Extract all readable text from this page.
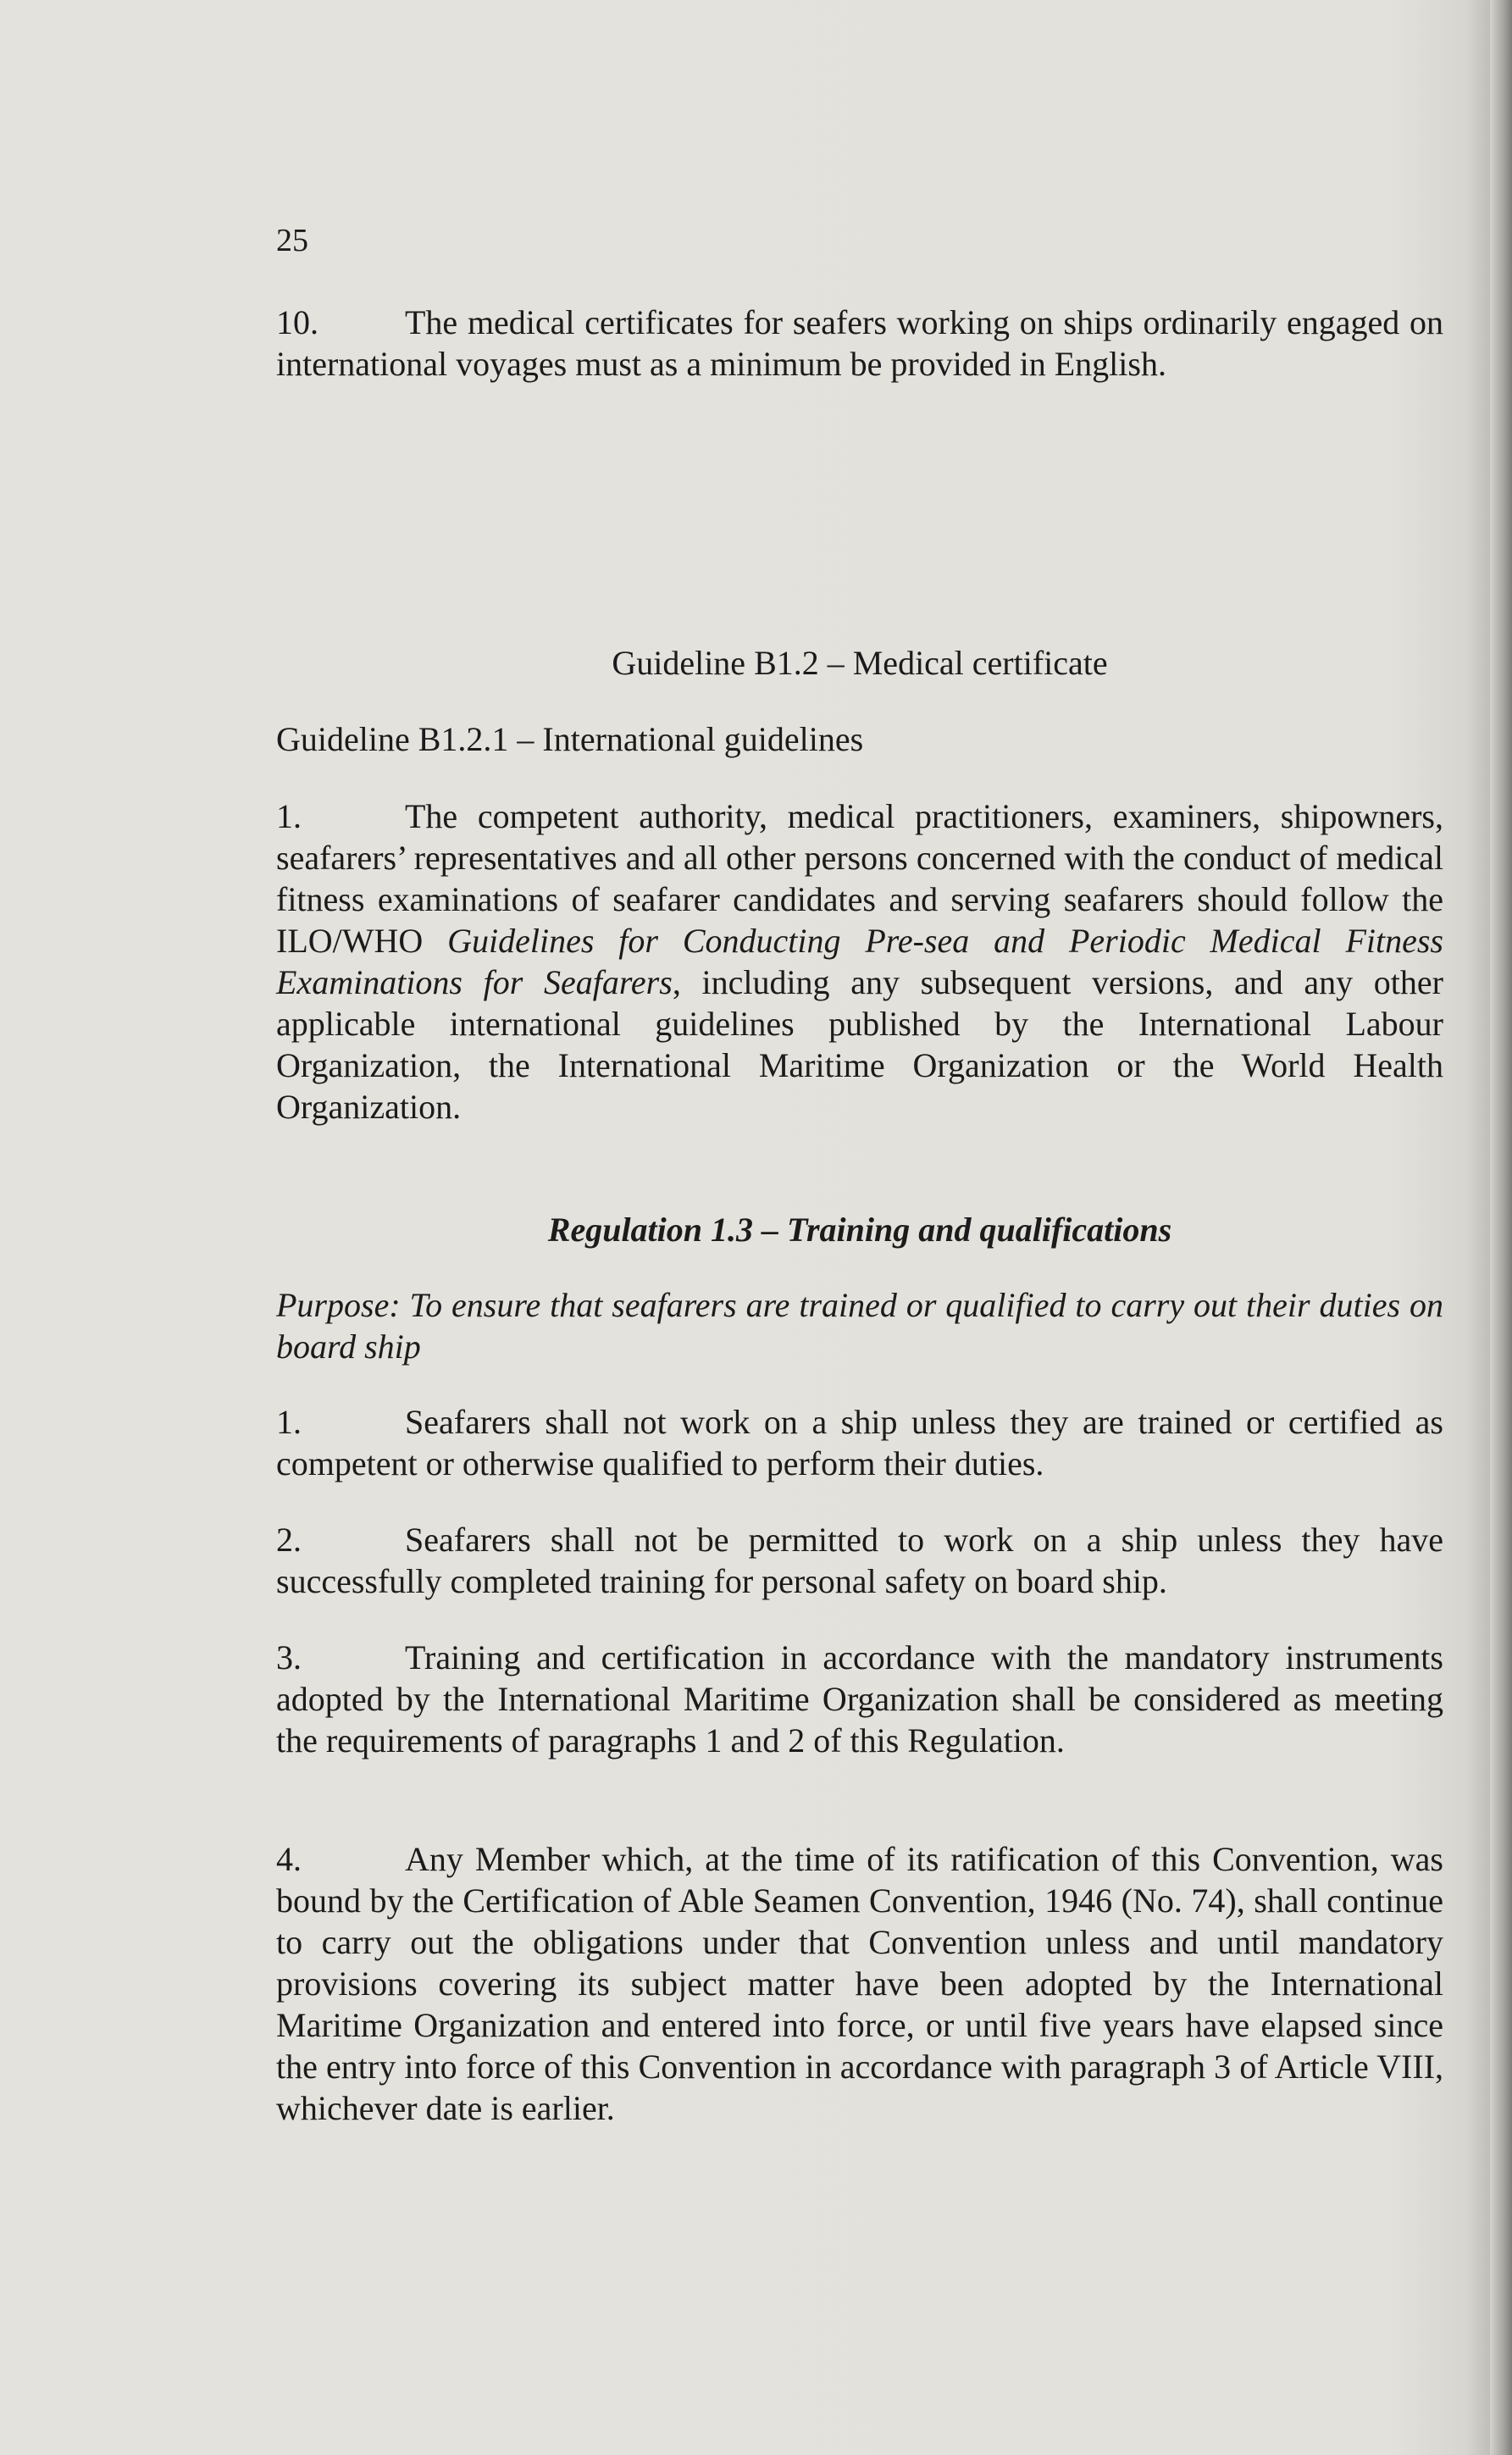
25

10.	The medical certificates for seafers working on ships ordinarily engaged on international voyages must as a minimum be provided in English.

Guideline B1.2 – Medical certificate

Guideline B1.2.1 – International guidelines

1.	The competent authority, medical practitioners, examiners, shipowners, seafarers’ representatives and all other persons concerned with the conduct of medical fitness examinations of seafarer candidates and serving seafarers should follow the ILO/WHO Guidelines for Conducting Pre-sea and Periodic Medical Fitness Examinations for Seafarers, including any subsequent versions, and any other applicable international guidelines published by the International Labour Organization, the International Maritime Organization or the World Health Organization.

Regulation 1.3 – Training and qualifications

Purpose: To ensure that seafarers are trained or qualified to carry out their duties on board ship

1.	Seafarers shall not work on a ship unless they are trained or certified as competent or otherwise qualified to perform their duties.

2.	Seafarers shall not be permitted to work on a ship unless they have successfully completed training for personal safety on board ship.

3.	Training and certification in accordance with the mandatory instruments adopted by the International Maritime Organization shall be considered as meeting the requirements of paragraphs 1 and 2 of this Regulation.

4.	Any Member which, at the time of its ratification of this Convention, was bound by the Certification of Able Seamen Convention, 1946 (No. 74), shall continue to carry out the obligations under that Convention unless and until mandatory provisions covering its subject matter have been adopted by the International Maritime Organization and entered into force, or until five years have elapsed since the entry into force of this Convention in accordance with paragraph 3 of Article VIII, whichever date is earlier.
